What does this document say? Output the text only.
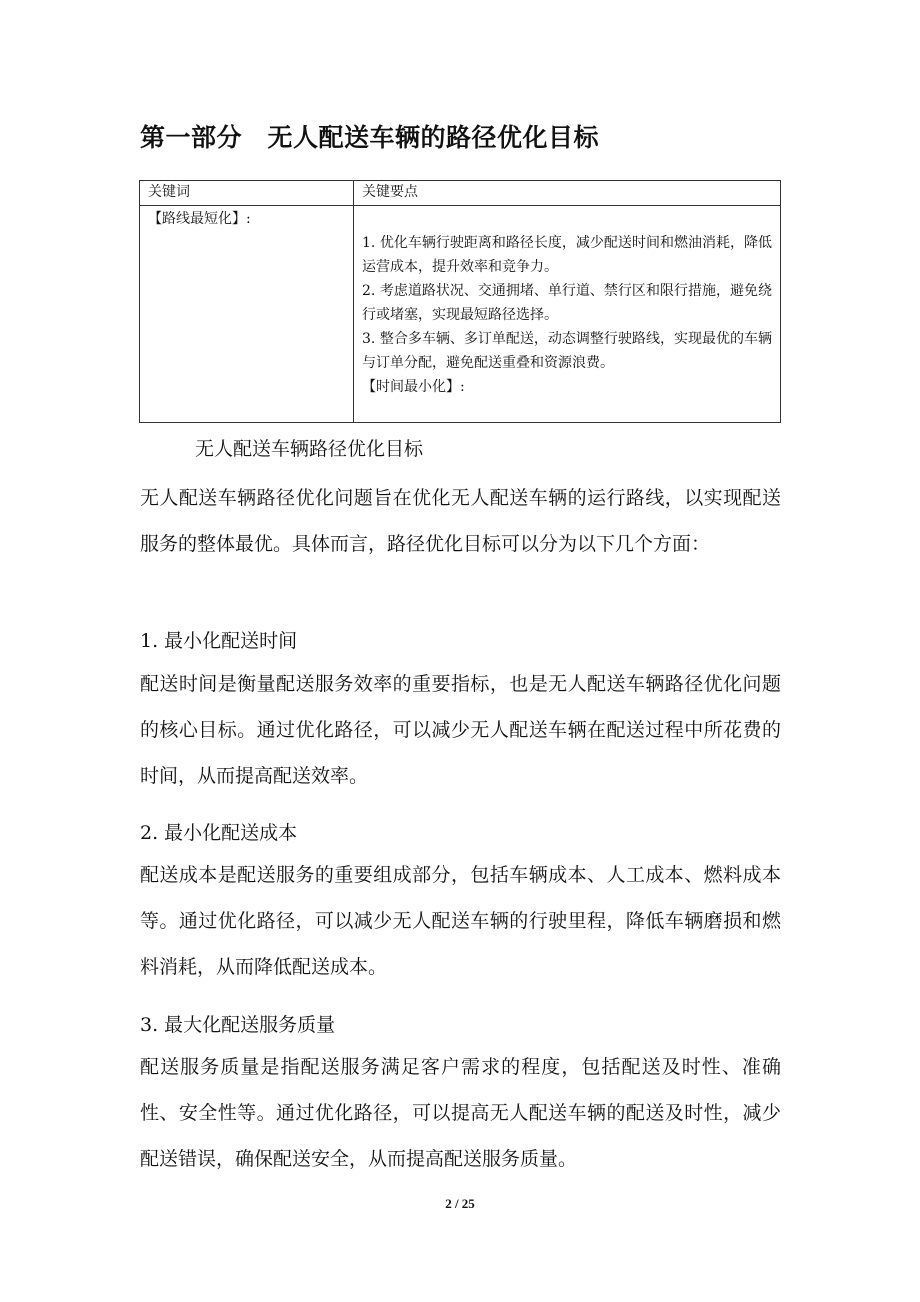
第一部分　无人配送车辆的路径优化目标
关键词	关键要点

【路线最短化】:	1. 优化车辆行驶距离和路径长度，减少配送时间和燃油消耗，降低运营成本，提升效率和竞争力。
2. 考虑道路状况、交通拥堵、单行道、禁行区和限行措施，避免绕行或堵塞，实现最短路径选择。
3. 整合多车辆、多订单配送，动态调整行驶路线，实现最优的车辆与订单分配，避免配送重叠和资源浪费。
【时间最小化】:
无人配送车辆路径优化目标
无人配送车辆路径优化问题旨在优化无人配送车辆的运行路线，以实现配送服务的整体最优。具体而言，路径优化目标可以分为以下几个方面：
1. 最小化配送时间
配送时间是衡量配送服务效率的重要指标，也是无人配送车辆路径优化问题的核心目标。通过优化路径，可以减少无人配送车辆在配送过程中所花费的时间，从而提高配送效率。
2. 最小化配送成本
配送成本是配送服务的重要组成部分，包括车辆成本、人工成本、燃料成本等。通过优化路径，可以减少无人配送车辆的行驶里程，降低车辆磨损和燃料消耗，从而降低配送成本。
3. 最大化配送服务质量
配送服务质量是指配送服务满足客户需求的程度，包括配送及时性、准确性、安全性等。通过优化路径，可以提高无人配送车辆的配送及时性，减少配送错误，确保配送安全，从而提高配送服务质量。
2 / 25
